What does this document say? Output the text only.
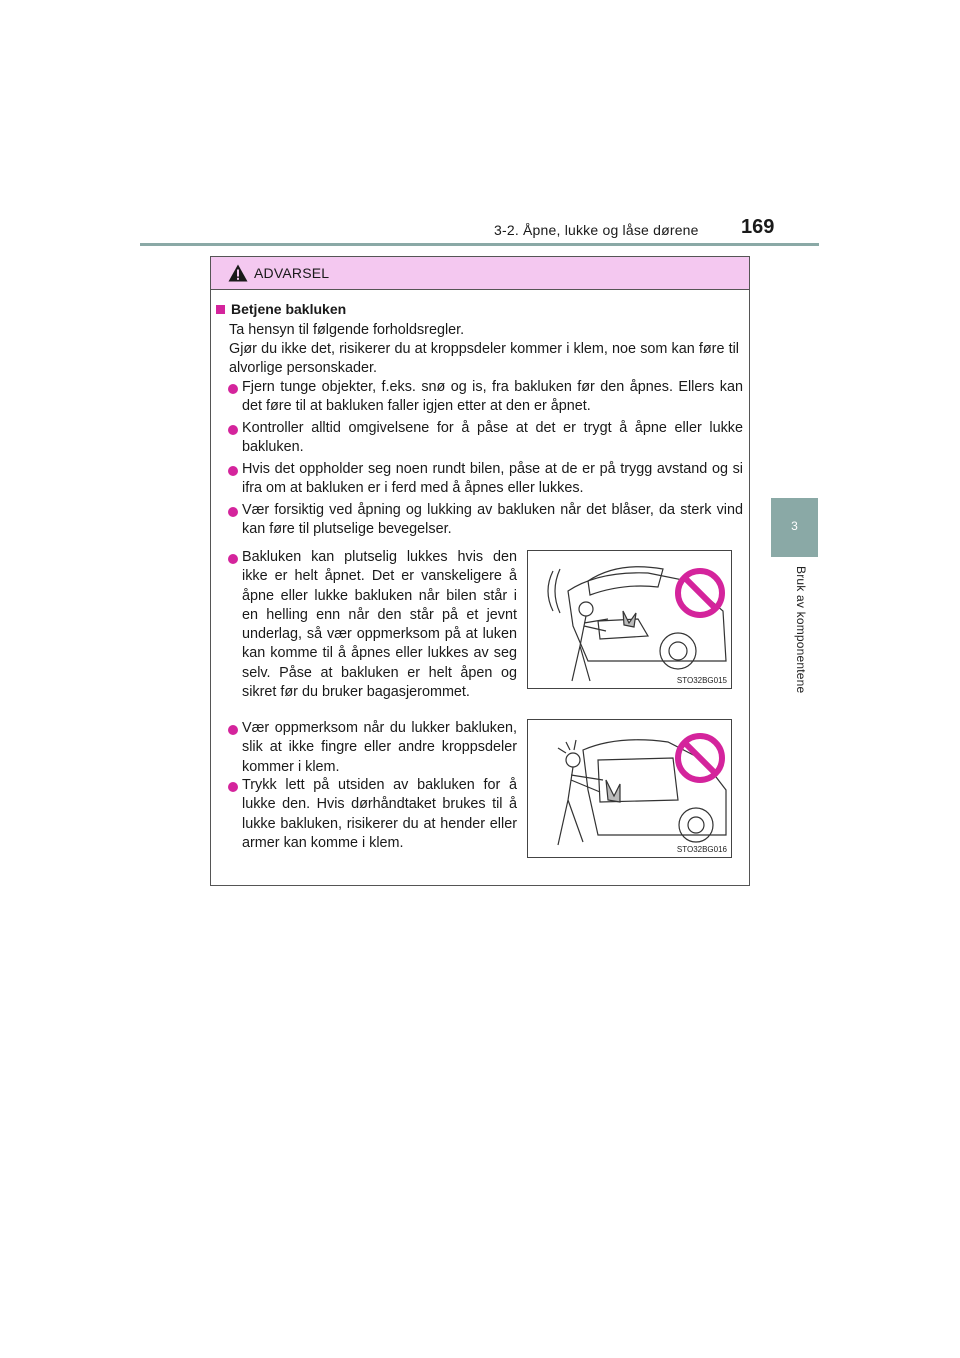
3-2. Åpne, lukke og låse dørene 169
3
Bruk av komponentene
ADVARSEL
Betjene bakluken
Ta hensyn til følgende forholdsregler.
Gjør du ikke det, risikerer du at kroppsdeler kommer i klem, noe som kan føre til alvorlige personskader.
Fjern tunge objekter, f.eks. snø og is, fra bakluken før den åpnes. Ellers kan det føre til at bakluken faller igjen etter at den er åpnet.
Kontroller alltid omgivelsene for å påse at det er trygt å åpne eller lukke bakluken.
Hvis det oppholder seg noen rundt bilen, påse at de er på trygg avstand og si ifra om at bakluken er i ferd med å åpnes eller lukkes.
Vær forsiktig ved åpning og lukking av bakluken når det blåser, da sterk vind kan føre til plutselige bevegelser.
Bakluken kan plutselig lukkes hvis den ikke er helt åpnet. Det er vanskeligere å åpne eller lukke bakluken når bilen står i en helling enn når den står på et jevnt underlag, så vær oppmerksom på at luken kan komme til å åpnes eller lukkes av seg selv. Påse at bakluken er helt åpen og sikret før du bruker bagasjerommet.
STO32BG015
Vær oppmerksom når du lukker bakluken, slik at ikke fingre eller andre kroppsdeler kommer i klem.
Trykk lett på utsiden av bakluken for å lukke den. Hvis dørhåndtaket brukes til å lukke bakluken, risikerer du at hender eller armer kan komme i klem.	STO32BG016
